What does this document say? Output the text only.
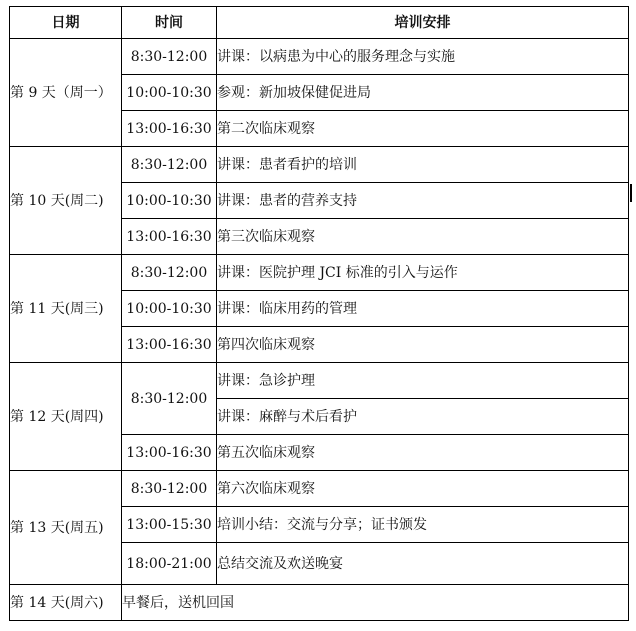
日期	时间	培训安排
第 9 天（周一）	8:30-12:00	讲课：以病患为中心的服务理念与实施
	10:00-10:30	参观：新加坡保健促进局
	13:00-16:30	第二次临床观察
第 10 天(周二)	8:30-12:00	讲课：患者看护的培训
	10:00-10:30	讲课：患者的营养支持
	13:00-16:30	第三次临床观察
第 11 天(周三)	8:30-12:00	讲课：医院护理 JCI 标准的引入与运作
	10:00-10:30	讲课：临床用药的管理
	13:00-16:30	第四次临床观察
第 12 天(周四)	8:30-12:00	讲课：急诊护理
		讲课：麻醉与术后看护
	13:00-16:30	第五次临床观察
第 13 天(周五)	8:30-12:00	第六次临床观察
	13:00-15:30	培训小结：交流与分享；证书颁发
	18:00-21:00	总结交流及欢送晚宴
第 14 天(周六)	早餐后，送机回国	
